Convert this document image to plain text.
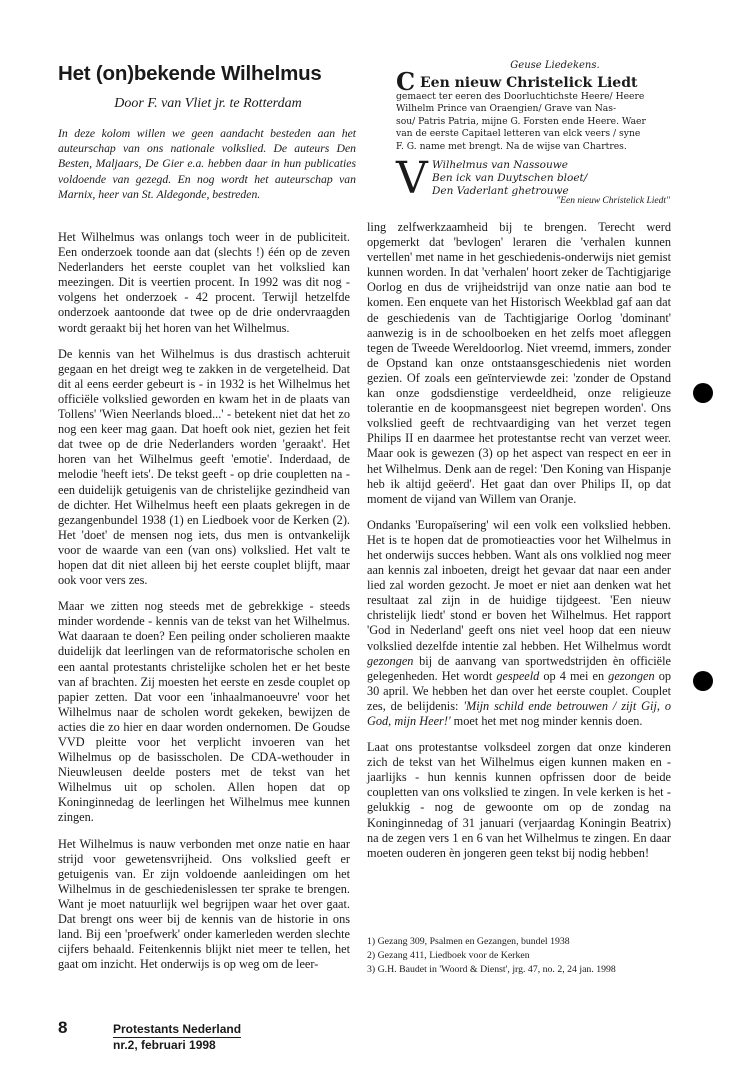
Het (on)bekende Wilhelmus
Door F. van Vliet jr. te Rotterdam
In deze kolom willen we geen aandacht besteden aan het auteurschap van ons nationale volkslied. De auteurs Den Besten, Maljaars, De Gier e.a. hebben daar in hun publicaties voldoende van gezegd. En nog wordt het auteurschap van Marnix, heer van St. Aldegonde, bestreden.
Geuse Liedekens.
C Een nieuw Christelick Liedt
gemaect ter eeren des Doorluchtichste Heere/ Heere
Wilhelm Prince van Oraengien/ Grave van Nas-
sou/ Patris Patria, mijne G. Forsten ende Heere. Waer
van de eerste Capitael letteren van elck veers / syne
F. G. name met brengt. Na de wijse van Chartres.
V Wilhelmus van Nassouwe
Ben ick van Duytschen bloet/
Den Vaderlant ghetrouwe
"Een nieuw Christelick Liedt"

Het Wilhelmus was onlangs toch weer in de publiciteit. Een onderzoek toonde aan dat (slechts !) één op de zeven Nederlanders het eerste couplet van het volkslied kan meezingen. Dit is veertien procent. In 1992 was dit nog - volgens het onderzoek - 42 procent. Terwijl hetzelfde onderzoek aantoonde dat twee op de drie ondervraagden wordt geraakt bij het horen van het Wilhelmus.

De kennis van het Wilhelmus is dus drastisch achteruit gegaan en het dreigt weg te zakken in de vergetelheid. Dat dit al eens eerder gebeurt is - in 1932 is het Wilhelmus het officiële volkslied geworden en kwam het in de plaats van Tollens' 'Wien Neerlands bloed...' - betekent niet dat het zo nog een keer mag gaan. Dat hoeft ook niet, gezien het feit dat twee op de drie Nederlanders worden 'geraakt'. Het horen van het Wilhelmus geeft 'emotie'. Inderdaad, de melodie 'heeft iets'. De tekst geeft - op drie coupletten na - een duidelijk getuigenis van de christelijke gezindheid van de dichter. Het Wilhelmus heeft een plaats gekregen in de gezangenbundel 1938 (1) en Liedboek voor de Kerken (2). Het 'doet' de mensen nog iets, dus men is ontvankelijk voor de waarde van een (van ons) volkslied. Het valt te hopen dat dit niet alleen bij het eerste couplet blijft, maar ook voor vers zes.

Maar we zitten nog steeds met de gebrekkige - steeds minder wordende - kennis van de tekst van het Wilhelmus. Wat daaraan te doen? Een peiling onder scholieren maakte duidelijk dat leerlingen van de reformatorische scholen en een aantal protestants christelijke scholen het er het beste van af brachten. Zij moesten het eerste en zesde couplet op papier zetten. Dat voor een 'inhaalmanoeuvre' voor het Wilhelmus naar de scholen wordt gekeken, bewijzen de acties die zo hier en daar worden ondernomen. De Goudse VVD pleitte voor het verplicht invoeren van het Wilhelmus op de basisscholen. De CDA-wethouder in Nieuwleusen deelde posters met de tekst van het Wilhelmus uit op scholen. Allen hopen dat op Koninginnedag de leerlingen het Wilhelmus mee kunnen zingen.

Het Wilhelmus is nauw verbonden met onze natie en haar strijd voor gewetensvrijheid. Ons volkslied geeft er getuigenis van. Er zijn voldoende aanleidingen om het Wilhelmus in de geschiedenislessen ter sprake te brengen. Want je moet natuurlijk wel begrijpen waar het over gaat. Dat brengt ons weer bij de kennis van de historie in ons land. Bij een 'proefwerk' onder kamerleden werden slechte cijfers behaald. Feitenkennis blijkt niet meer te tellen, het gaat om inzicht. Het onderwijs is op weg om de leer-

ling zelfwerkzaamheid bij te brengen. Terecht werd opgemerkt dat 'bevlogen' leraren die 'verhalen kunnen vertellen' met name in het geschiedenis-onderwijs niet gemist kunnen worden. In dat 'verhalen' hoort zeker de Tachtigjarige Oorlog en dus de vrijheidstrijd van onze natie aan bod te komen. Een enquete van het Historisch Weekblad gaf aan dat de geschiedenis van de Tachtigjarige Oorlog 'dominant' aanwezig is in de schoolboeken en het zelfs moet afleggen tegen de Tweede Wereldoorlog. Niet vreemd, immers, zonder de Opstand kan onze ontstaansgeschiedenis niet worden gezien. Of zoals een geïnterviewde zei: 'zonder de Opstand kan onze godsdienstige verdeeldheid, onze religieuze tolerantie en de koopmansgeest niet begrepen worden'. Ons volkslied geeft de rechtvaardiging van het verzet tegen Philips II en daarmee het protestantse recht van verzet weer. Maar ook is gewezen (3) op het aspect van respect en eer in het Wilhelmus. Denk aan de regel: 'Den Koning van Hispanje heb ik altijd geëerd'. Het gaat dan over Philips II, op dat moment de vijand van Willem van Oranje.

Ondanks 'Europaïsering' wil een volk een volkslied hebben. Het is te hopen dat de promotieacties voor het Wilhelmus in het onderwijs succes hebben. Want als ons volklied nog meer aan kennis zal inboeten, dreigt het gevaar dat naar een ander lied zal worden gezocht. Je moet er niet aan denken wat het resultaat zal zijn in de huidige tijdgeest. 'Een nieuw christelijk liedt' stond er boven het Wilhelmus. Het rapport 'God in Nederland' geeft ons niet veel hoop dat een nieuw volkslied dezelfde intentie zal hebben. Het Wilhelmus wordt gezongen bij de aanvang van sportwedstrijden èn officiële gelegenheden. Het wordt gespeeld op 4 mei en gezongen op 30 april. We hebben het dan over het eerste couplet. Couplet zes, de belijdenis: 'Mijn schild ende betrouwen / zijt Gij, o God, mijn Heer!' moet het met nog minder kennis doen.

Laat ons protestantse volksdeel zorgen dat onze kinderen zich de tekst van het Wilhelmus eigen kunnen maken en - jaarlijks - hun kennis kunnen opfrissen door de beide coupletten van ons volkslied te zingen. In vele kerken is het - gelukkig - nog de gewoonte om op de zondag na Koninginnedag of 31 januari (verjaardag Koningin Beatrix) na de zegen vers 1 en 6 van het Wilhelmus te zingen. En daar moeten ouderen èn jongeren geen tekst bij nodig hebben!

1) Gezang 309, Psalmen en Gezangen, bundel 1938
2) Gezang 411, Liedboek voor de Kerken
3) G.H. Baudet in 'Woord & Dienst', jrg. 47, no. 2, 24 jan. 1998
8	Protestants Nederland
nr.2, februari 1998
